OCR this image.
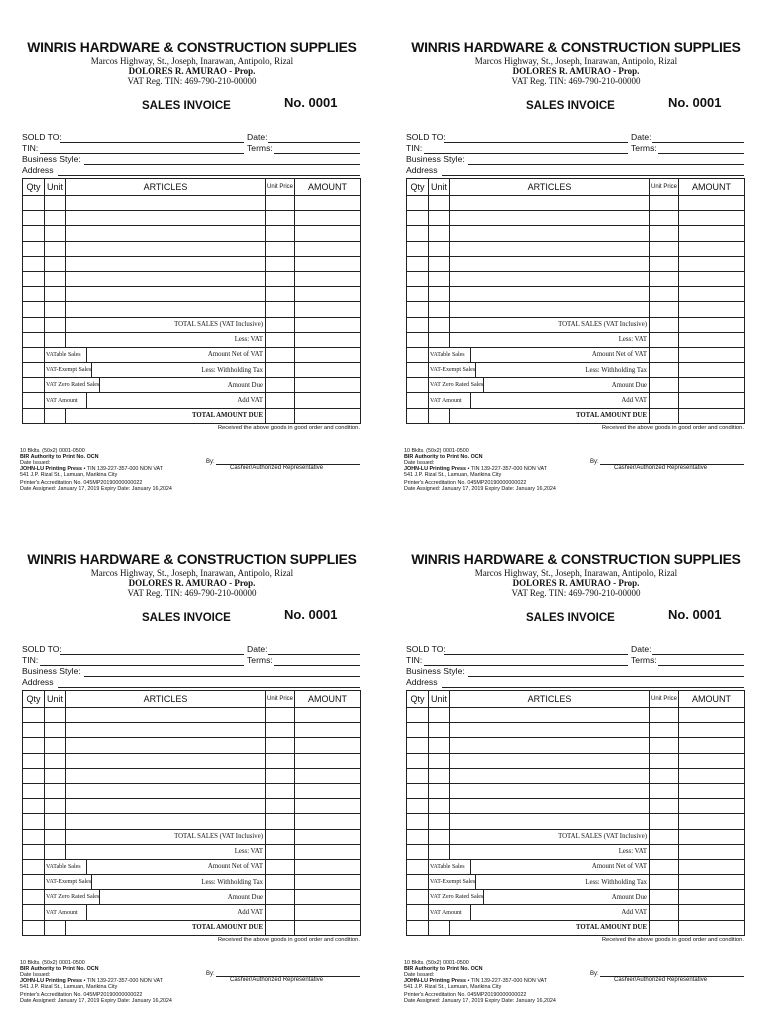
WINRIS HARDWARE & CONSTRUCTION SUPPLIES
Marcos Highway, St., Joseph, Inarawan, Antipolo, Rizal
DOLORES R. AMURAO - Prop.
VAT Reg. TIN: 469-790-210-00000
SALES INVOICE	No. 0001
SOLD TO:	Date:
TIN:	Terms:
Business Style:
Address
Qty	Unit	ARTICLES	Unit Price	AMOUNT

		TOTAL SALES (VAT Inclusive)		
		Less: VAT		

VATable Sales	Amount Net of VAT

VAT-Exempt Sales	Less: Withholding Tax

VAT Zero Rated Sales	Amount Due

VAT Amount	Add VAT

		TOTAL AMOUNT DUE		
Received the above goods in good order and condition.
10 Bklts. (50x2) 0001-0500
BIR Authority to Print No. OCN
Date Issued:
JOHN-LU Printing Press • TIN 139-227-357-000 NON VAT
541 J.P. Rizal St., Lamuan, Marikina City
Printer's Accreditation No. 045MP20190000000022
Date Assigned: January 17, 2019 Expiry Date: January 16,2024
By:
Cashier/Authorized Representative
WINRIS HARDWARE & CONSTRUCTION SUPPLIES
Marcos Highway, St., Joseph, Inarawan, Antipolo, Rizal
DOLORES R. AMURAO - Prop.
VAT Reg. TIN: 469-790-210-00000
SALES INVOICE	No. 0001
SOLD TO:	Date:
TIN:	Terms:
Business Style:
Address
Qty	Unit	ARTICLES	Unit Price	AMOUNT

		TOTAL SALES (VAT Inclusive)		
		Less: VAT		

VATable Sales	Amount Net of VAT

VAT-Exempt Sales	Less: Withholding Tax

VAT Zero Rated Sales	Amount Due

VAT Amount	Add VAT

		TOTAL AMOUNT DUE		
Received the above goods in good order and condition.
10 Bklts. (50x2) 0001-0500
BIR Authority to Print No. OCN
Date Issued:
JOHN-LU Printing Press • TIN 139-227-357-000 NON VAT
541 J.P. Rizal St., Lamuan, Marikina City
Printer's Accreditation No. 045MP20190000000022
Date Assigned: January 17, 2019 Expiry Date: January 16,2024
By:
Cashier/Authorized Representative
WINRIS HARDWARE & CONSTRUCTION SUPPLIES
Marcos Highway, St., Joseph, Inarawan, Antipolo, Rizal
DOLORES R. AMURAO - Prop.
VAT Reg. TIN: 469-790-210-00000
SALES INVOICE	No. 0001
SOLD TO:	Date:
TIN:	Terms:
Business Style:
Address
Qty	Unit	ARTICLES	Unit Price	AMOUNT

		TOTAL SALES (VAT Inclusive)		
		Less: VAT		

VATable Sales	Amount Net of VAT

VAT-Exempt Sales	Less: Withholding Tax

VAT Zero Rated Sales	Amount Due

VAT Amount	Add VAT

		TOTAL AMOUNT DUE		
Received the above goods in good order and condition.
10 Bklts. (50x2) 0001-0500
BIR Authority to Print No. OCN
Date Issued:
JOHN-LU Printing Press • TIN 139-227-357-000 NON VAT
541 J.P. Rizal St., Lamuan, Marikina City
Printer's Accreditation No. 045MP20190000000022
Date Assigned: January 17, 2019 Expiry Date: January 16,2024
By:
Cashier/Authorized Representative
WINRIS HARDWARE & CONSTRUCTION SUPPLIES
Marcos Highway, St., Joseph, Inarawan, Antipolo, Rizal
DOLORES R. AMURAO - Prop.
VAT Reg. TIN: 469-790-210-00000
SALES INVOICE	No. 0001
SOLD TO:	Date:
TIN:	Terms:
Business Style:
Address
Qty	Unit	ARTICLES	Unit Price	AMOUNT

		TOTAL SALES (VAT Inclusive)		
		Less: VAT		

VATable Sales	Amount Net of VAT

VAT-Exempt Sales	Less: Withholding Tax

VAT Zero Rated Sales	Amount Due

VAT Amount	Add VAT

		TOTAL AMOUNT DUE		
Received the above goods in good order and condition.
10 Bklts. (50x2) 0001-0500
BIR Authority to Print No. OCN
Date Issued:
JOHN-LU Printing Press • TIN 139-227-357-000 NON VAT
541 J.P. Rizal St., Lamuan, Marikina City
Printer's Accreditation No. 045MP20190000000022
Date Assigned: January 17, 2019 Expiry Date: January 16,2024
By:
Cashier/Authorized Representative
